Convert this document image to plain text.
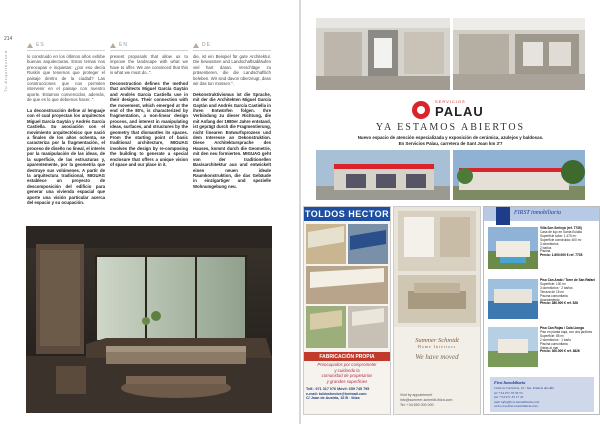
214
Tu Arquitectura
ES	EN	DE

lo construido en los últimos años exhibe buenas arquitecturas. Estos temas nos preocupan e inquietan: ¿por eso decía Ruskin que tenemos que proteger el paisaje dentro de la ciudad? Las construcciones que nos permiten intervenir en el paisaje con nuestro aporte. Estamos convencidos, además, de que es lo que debemos hacer..".

La deconstrucción define al lenguaje con el cual proyectan los arquitectos Miguel García Gaytán y Andrés García Castiella. Su asociación con el movimiento arquitectónico que nació a finales de los años ochenta, se caracteriza por la fragmentación, el proceso de diseño no lineal, el interés por la manipulación de las ideas, de la superficie, de las estructuras y, aparentemente, por la geometría que destruye sus volúmenes. A partir de la arquitectura tradicional, MIGUAG establece un proyecto de descomposición del edificio para generar una vivienda espacial que aporte una visión particular acerca del espacio y su ocupación.

present proposals that allow us to improve the landscape with what we have to offer. We are convinced that this is what we must do..".

Deconstruction defines the method that architects Miguel García Gaytán and Andrés García Castiella use in their designs. Their connection with the movement, which emerged at the end of the 80's, is characterized by fragmentation, a non-linear design process, and interest in manipulating ideas, surfaces, and structures by the geometry that dismantles its spaces. From the starting point of basic traditional architecture, MIGUAG involves the design by re-composing the building to generate a special enclosure that offers a unique vision of space and our place in it.

die, ist ein Beispiel für gute Architektur. Die bewussten und Landschaftsabläufen viel hart daran. Verschläge zu präsentieren, die die Landschaftlich beleben. Wir sind davon überzeugt, dass wir das tun müssen.".

Dekonstruktivismus ist die Sprache, mit der die Architekten Miguel García Gaytán und Andrés García Castiella in ihren Entwürfen folgen. Ihre Verbindung zu dieser Richtung, die mit Anfang der 1980er Jahre entstand, ist geprägt durch die Fragmentierung, nicht linearen Entwurfsprozess und dem Interesse an Dekonstruktion. Diese Architektursprache des Hauses, kommt durch die Geometrie, mit den neu formierten. MIGUAG geht von der traditionellen Basisarchitektur aus und entwickelt einen neuen ideale Raumkonstruktion, die das Gebäude in einzigartiger und spezielle Wohnumgebung neu.

SERVICIOS
PALAU
YA ESTAMOS ABIERTOS
Nuevo espacio de atención especializada y exposición de cerámica, azulejos y baldosas.
En Servicios Palau, carretera de Sant Joan km 3'7
TOLDOS HECTOR
FABRICACIÓN PROPIA
Preocupados por comprometer
y cuidando la
comunidad de propietarios
y grandes superficies
Telf.: 971 317 076 Móvil: 659 745 795
e-mail: toldoshector@hotmail.com
C/ Joan de Austria, 16 B · Ibiza
Summer Schmidt
Home Interiors
We have moved
Visit by appointment
info@summer-schmidt-ibiza.com
Tel: +34 650 000 000
FIRST inmobiliaria
Villa Son Serinyà (ref. 7735)
Casa de lujo en Santa Eulalia
Superficie solar: 1.475 m²
Superficie construida: 400 m²
3 dormitorios
2 baños
Piscina
Precio: 1.600.000 € ref. 7735
Piso Can Arabí / Torre de San Rafael
Superficie: 130 m²
3 dormitorios · 2 baños
Terraza de 15 m²
Piscina comunitaria
Aparcamiento
Precio: 380.000 € ref. 528
Piso Can Rojas / Cala Llonga
Piso en planta baja, con dos jardines
Superficie: 85 m²
2 dormitorios · 1 baño
Piscina comunitaria
Vistas al mar
Precio: 300.000 € ref. 3826
First Inmobiliaria
Calle la Carretera, 19 · Sta. Eulària des Riu
tel +34 971 33 36 55
fax +34 971 33 17 45
mail info@first-inmobiliaria.com
web www.first-inmobiliaria.com
